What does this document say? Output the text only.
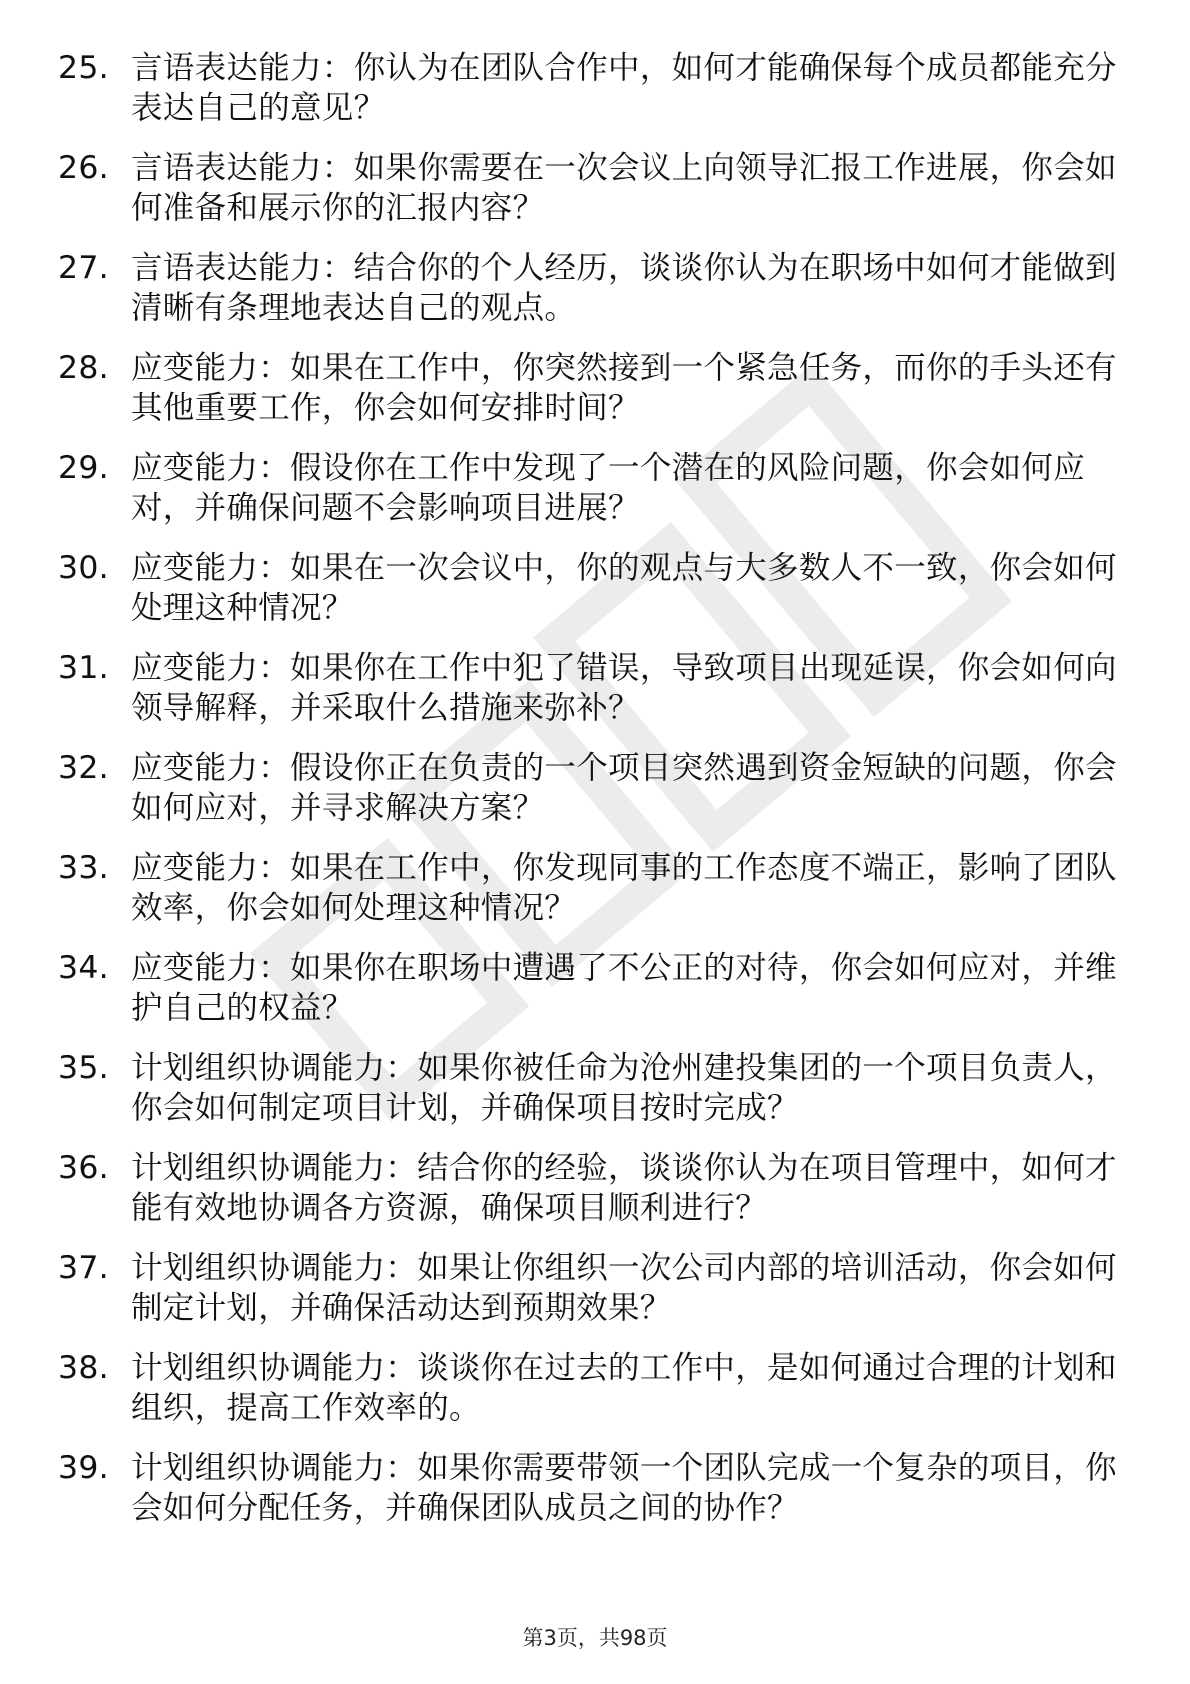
25. 言语表达能力：你认为在团队合作中，如何才能确保每个成员都能充分表达自己的意见？
26. 言语表达能力：如果你需要在一次会议上向领导汇报工作进展，你会如何准备和展示你的汇报内容？
27. 言语表达能力：结合你的个人经历，谈谈你认为在职场中如何才能做到清晰有条理地表达自己的观点。
28. 应变能力：如果在工作中，你突然接到一个紧急任务，而你的手头还有其他重要工作，你会如何安排时间？
29. 应变能力：假设你在工作中发现了一个潜在的风险问题，你会如何应对，并确保问题不会影响项目进展？
30. 应变能力：如果在一次会议中，你的观点与大多数人不一致，你会如何处理这种情况？
31. 应变能力：如果你在工作中犯了错误，导致项目出现延误，你会如何向领导解释，并采取什么措施来弥补？
32. 应变能力：假设你正在负责的一个项目突然遇到资金短缺的问题，你会如何应对，并寻求解决方案？
33. 应变能力：如果在工作中，你发现同事的工作态度不端正，影响了团队效率，你会如何处理这种情况？
34. 应变能力：如果你在职场中遭遇了不公正的对待，你会如何应对，并维护自己的权益？
35. 计划组织协调能力：如果你被任命为沧州建投集团的一个项目负责人，你会如何制定项目计划，并确保项目按时完成？
36. 计划组织协调能力：结合你的经验，谈谈你认为在项目管理中，如何才能有效地协调各方资源，确保项目顺利进行？
37. 计划组织协调能力：如果让你组织一次公司内部的培训活动，你会如何制定计划，并确保活动达到预期效果？
38. 计划组织协调能力：谈谈你在过去的工作中，是如何通过合理的计划和组织，提高工作效率的。
39. 计划组织协调能力：如果你需要带领一个团队完成一个复杂的项目，你会如何分配任务，并确保团队成员之间的协作？
第3页，共98页
